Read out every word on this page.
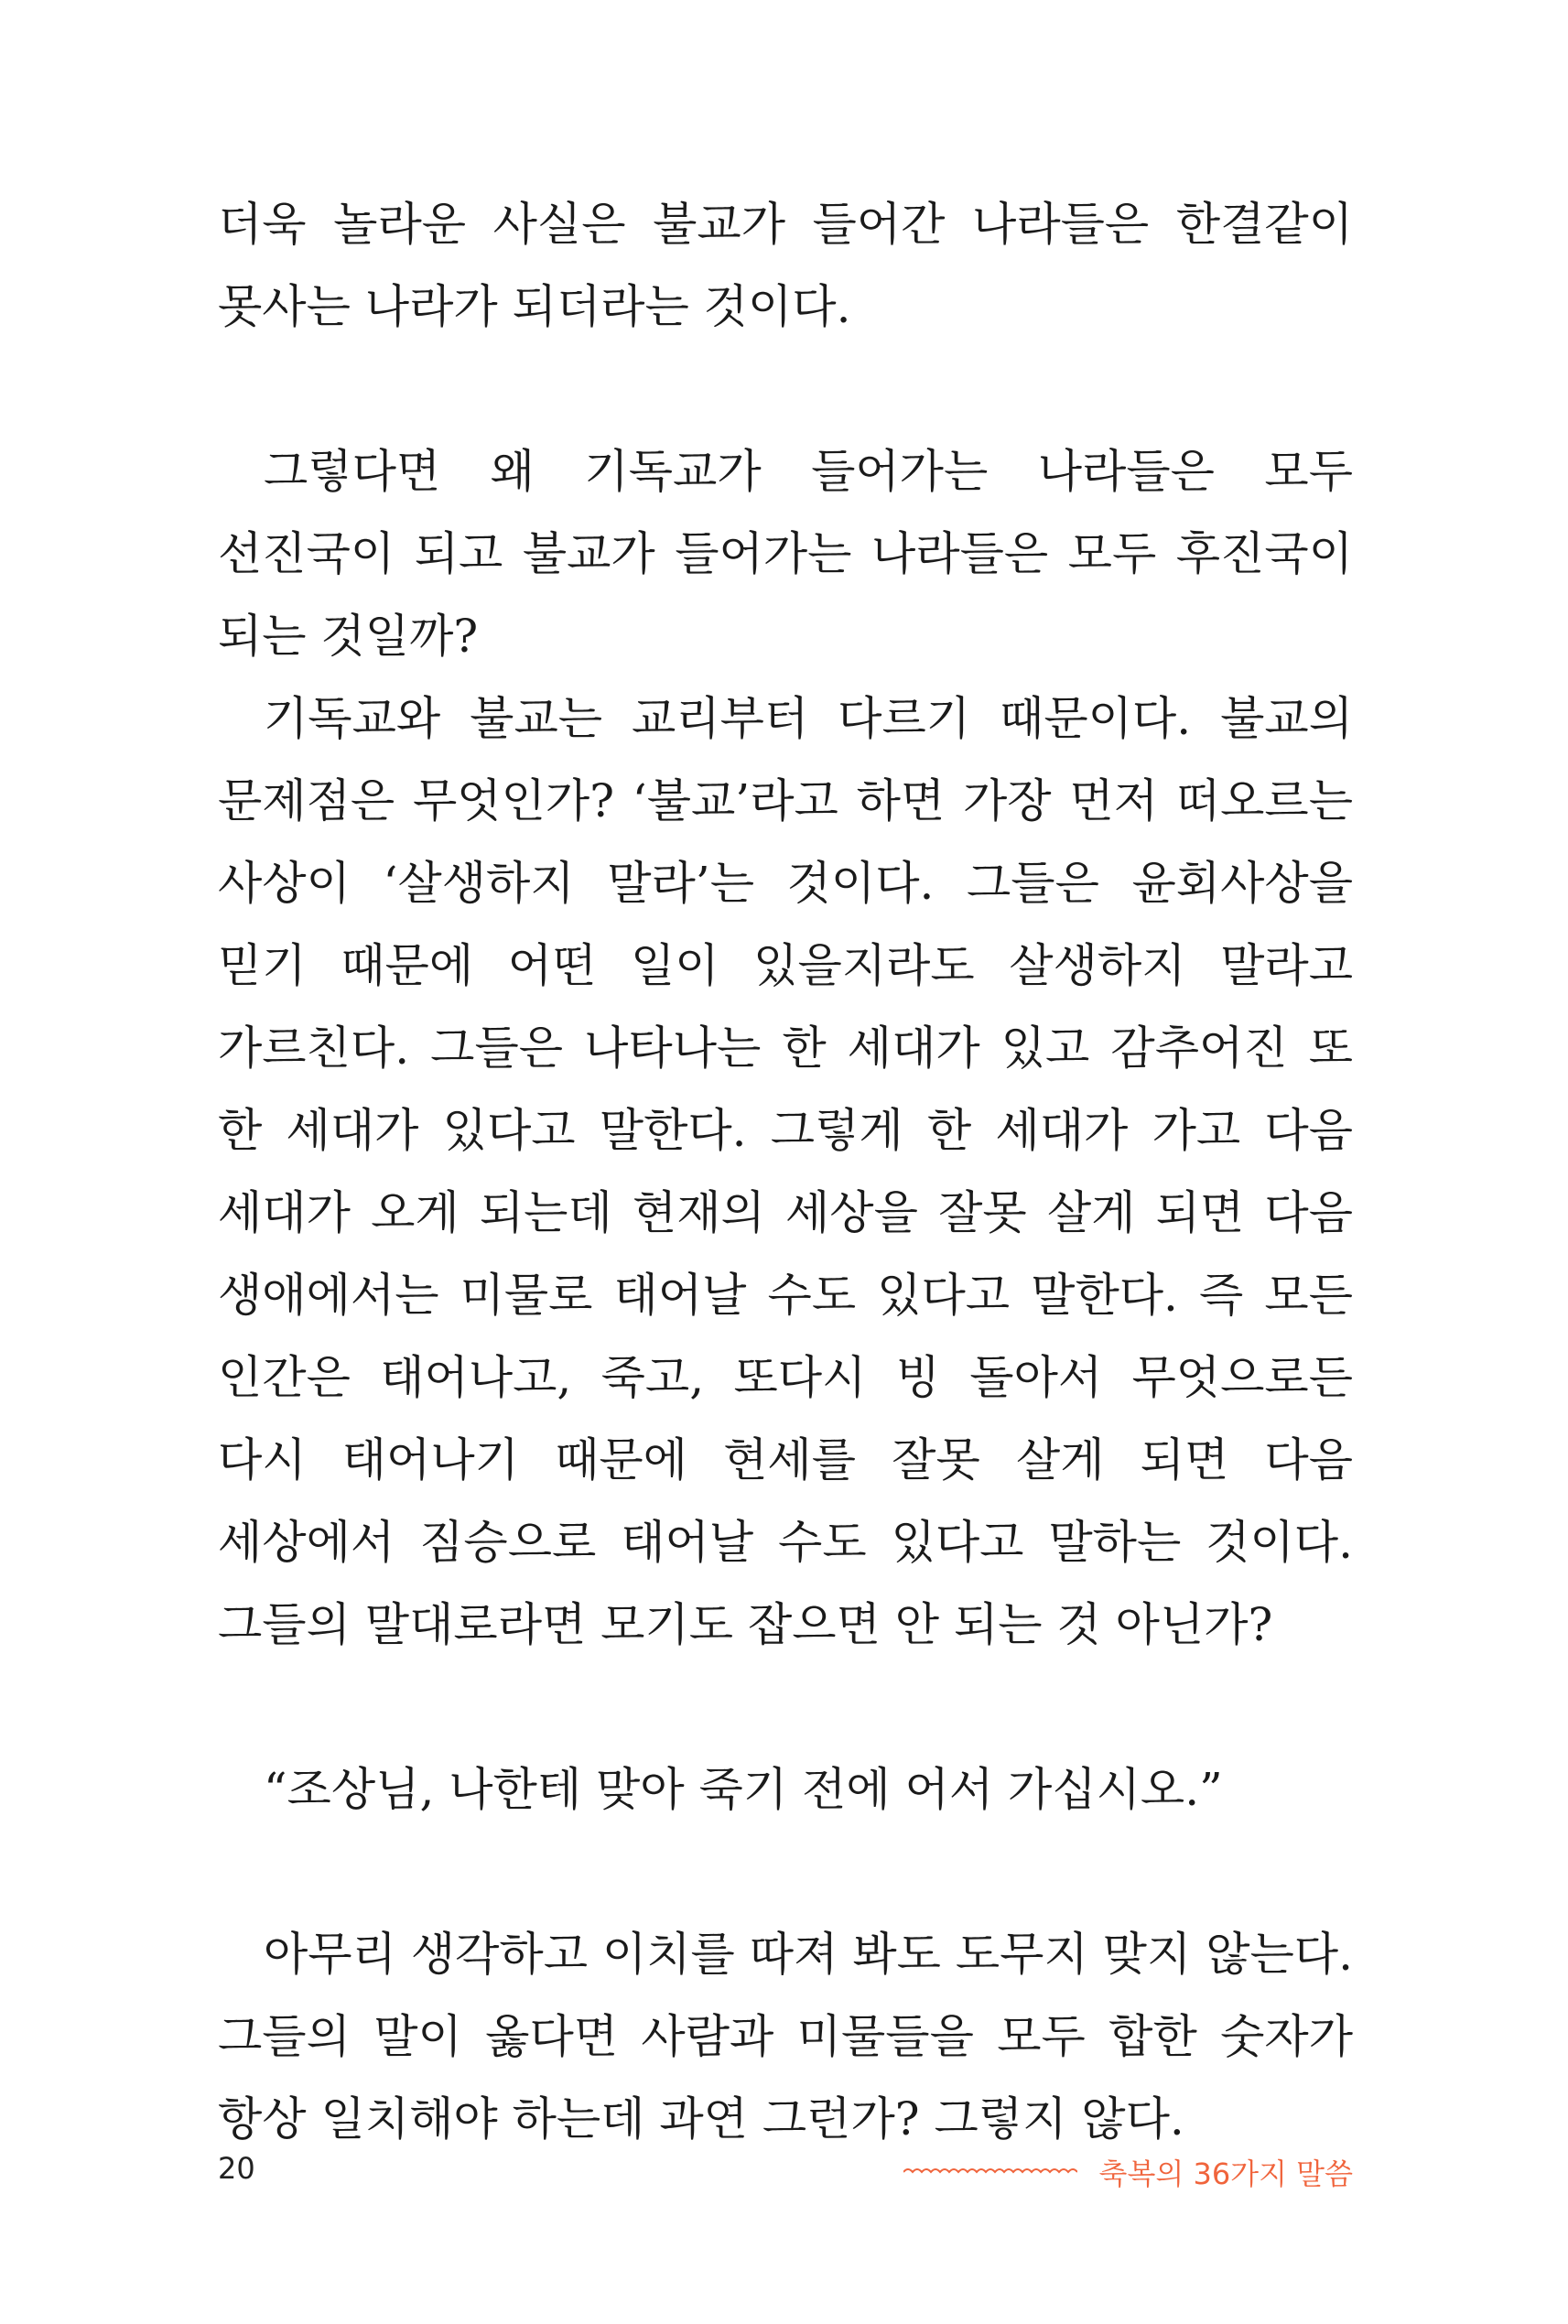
더욱 놀라운 사실은 불교가 들어간 나라들은 한결같이 못사는 나라가 되더라는 것이다.

그렇다면 왜 기독교가 들어가는 나라들은 모두 선진국이 되고 불교가 들어가는 나라들은 모두 후진국이 되는 것일까?

기독교와 불교는 교리부터 다르기 때문이다. 불교의 문제점은 무엇인가? ‘불교’라고 하면 가장 먼저 떠오르는 사상이 ‘살생하지 말라’는 것이다. 그들은 윤회사상을 믿기 때문에 어떤 일이 있을지라도 살생하지 말라고 가르친다. 그들은 나타나는 한 세대가 있고 감추어진 또 한 세대가 있다고 말한다. 그렇게 한 세대가 가고 다음 세대가 오게 되는데 현재의 세상을 잘못 살게 되면 다음 생애에서는 미물로 태어날 수도 있다고 말한다. 즉 모든 인간은 태어나고, 죽고, 또다시 빙 돌아서 무엇으로든 다시 태어나기 때문에 현세를 잘못 살게 되면 다음 세상에서 짐승으로 태어날 수도 있다고 말하는 것이다. 그들의 말대로라면 모기도 잡으면 안 되는 것 아닌가?

“조상님, 나한테 맞아 죽기 전에 어서 가십시오.”

아무리 생각하고 이치를 따져 봐도 도무지 맞지 않는다. 그들의 말이 옳다면 사람과 미물들을 모두 합한 숫자가 항상 일치해야 하는데 과연 그런가? 그렇지 않다.

20	축복의 36가지 말씀
